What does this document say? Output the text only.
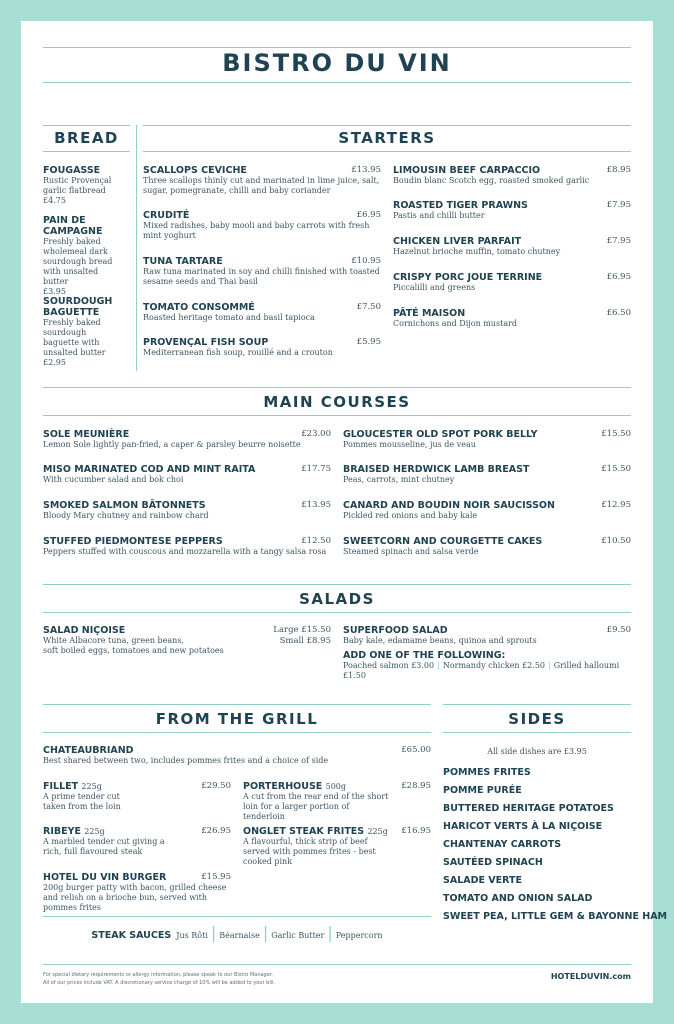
BISTRO DU VIN
BREAD
FOUGASSE
Rustic Provençal garlic flatbread
£4.75
PAIN DE CAMPAGNE
Freshly baked wholemeal dark sourdough bread with unsalted butter
£3.95
SOURDOUGH BAGUETTE
Freshly baked sourdough baguette with unsalted butter
£2.95
STARTERS
SCALLOPS CEVICHE	£13.95
Three scallops thinly cut and marinated in lime juice, salt, sugar, pomegranate, chilli and baby coriander
CRUDITÉ	£6.95
Mixed radishes, baby mooli and baby carrots with fresh mint yoghurt
TUNA TARTARE	£10.95
Raw tuna marinated in soy and chilli finished with toasted sesame seeds and Thai basil
TOMATO CONSOMMÉ	£7.50
Roasted heritage tomato and basil tapioca
PROVENÇAL FISH SOUP	£5.95
Mediterranean fish soup, rouillé and a crouton
LIMOUSIN BEEF CARPACCIO	£8.95
Boudin blanc Scotch egg, roasted smoked garlic
ROASTED TIGER PRAWNS	£7.95
Pastis and chilli butter
CHICKEN LIVER PARFAIT	£7.95
Hazelnut brioche muffin, tomato chutney
CRISPY PORC JOUE TERRINE	£6.95
Piccalilli and greens
PÂTÉ MAISON	£6.50
Cornichons and Dijon mustard
MAIN COURSES
SOLE MEUNIÈRE	£23.00
Lemon Sole lightly pan-fried, a caper & parsley beurre noisette
MISO MARINATED COD AND MINT RAITA	£17.75
With cucumber salad and bok choi
SMOKED SALMON BÂTONNETS	£13.95
Bloody Mary chutney and rainbow chard
STUFFED PIEDMONTESE PEPPERS	£12.50
Peppers stuffed with couscous and mozzarella with a tangy salsa rosa
GLOUCESTER OLD SPOT PORK BELLY	£15.50
Pommes mousseline, jus de veau
BRAISED HERDWICK LAMB BREAST	£15.50
Peas, carrots, mint chutney
CANARD AND BOUDIN NOIR SAUCISSON	£12.95
Pickled red onions and baby kale
SWEETCORN AND COURGETTE CAKES	£10.50
Steamed spinach and salsa verde
SALADS
SALAD NIÇOISE
White Albacore tuna, green beans,
soft boiled eggs, tomatoes and new potatoes
Large £15.50
Small £8.95
SUPERFOOD SALAD	£9.50
Baby kale, edamame beans, quinoa and sprouts
ADD ONE OF THE FOLLOWING:
Poached salmon £3.00 | Normandy chicken £2.50 | Grilled halloumi £1.50
FROM THE GRILL
CHATEAUBRIAND	£65.00
Best shared between two, includes pommes frites and a choice of side
FILLET 225g	£29.50
A prime tender cut taken from the loin
RIBEYE 225g	£26.95
A marbled tender cut giving a rich, full flavoured steak
HOTEL DU VIN BURGER	£15.95
200g burger patty with bacon, grilled cheese and relish on a brioche bun, served with pommes frites
PORTERHOUSE 500g	£28.95
A cut from the rear end of the short loin for a larger portion of tenderloin
ONGLET STEAK FRITES 225g	£16.95
A flavourful, thick strip of beef served with pommes frites - best cooked pink
STEAK SAUCES Jus Rôti | Béarnaise | Garlic Butter | Peppercorn
SIDES
All side dishes are £3.95
POMMES FRITES
POMME PURÉE
BUTTERED HERITAGE POTATOES
HARICOT VERTS À LA NIÇOISE
CHANTENAY CARROTS
SAUTÉED SPINACH
SALADE VERTE
TOMATO AND ONION SALAD
SWEET PEA, LITTLE GEM & BAYONNE HAM
For special dietary requirements or allergy information, please speak to our Bistro Manager.
All of our prices include VAT. A discretionary service charge of 10% will be added to your bill.
HOTELDUVIN.com
